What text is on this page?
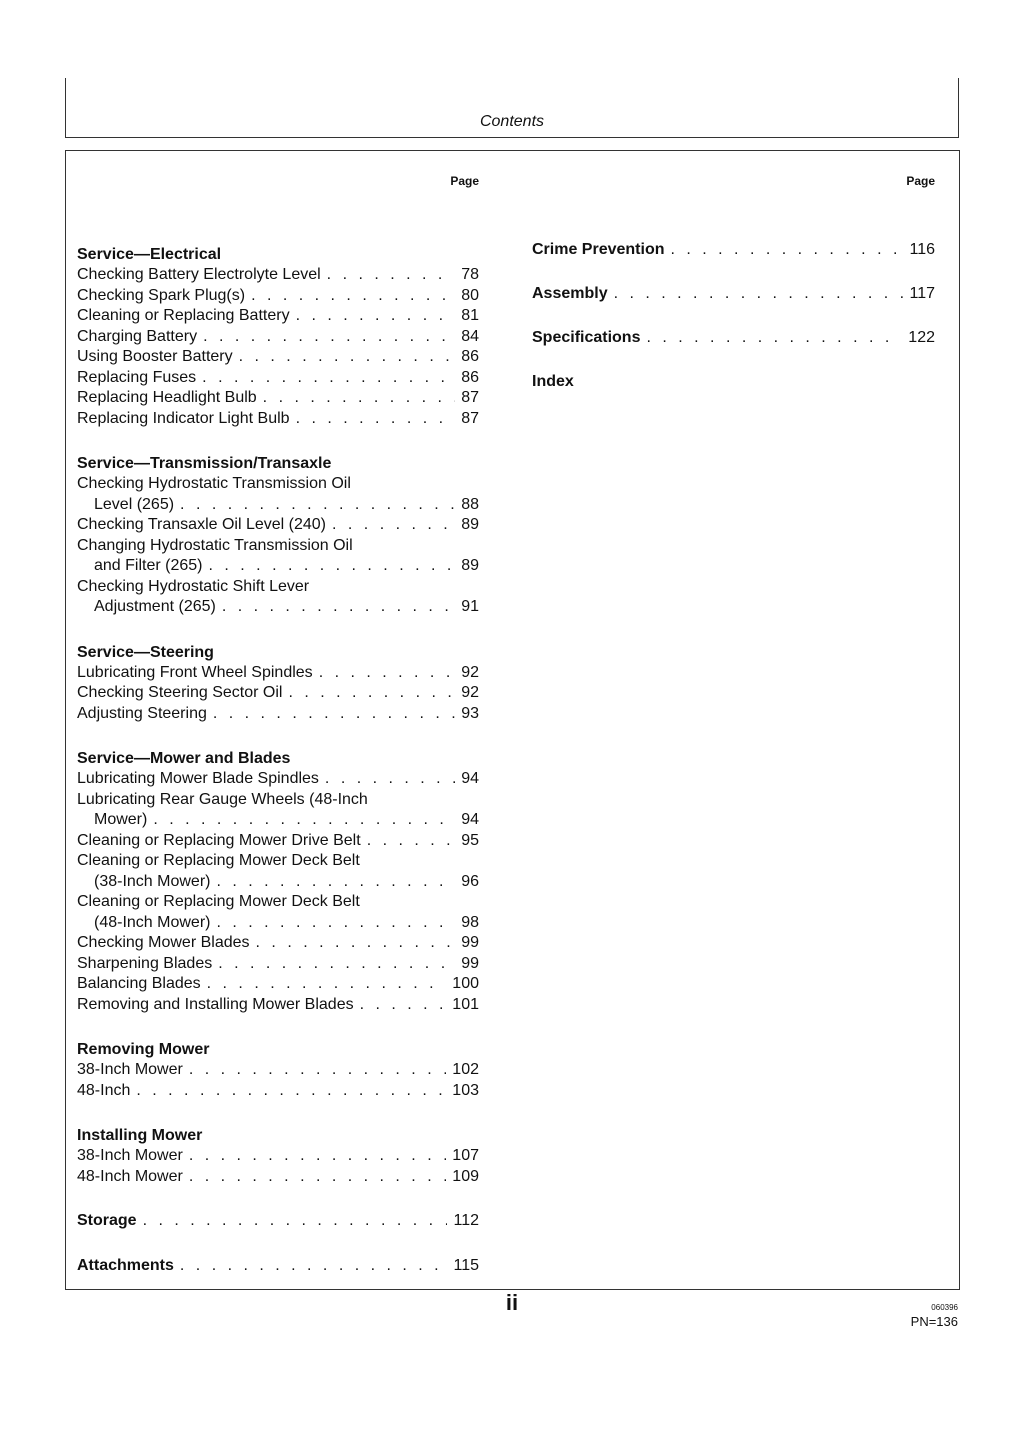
Contents
Page
Service—Electrical
Checking Battery Electrolyte Level . . .	78
Checking Spark Plug(s) . . .	80
Cleaning or Replacing Battery . . .	81
Charging Battery . . .	84
Using Booster Battery . . .	86
Replacing Fuses . . .	86
Replacing Headlight Bulb . . .	87
Replacing Indicator Light Bulb . . .	87
Service—Transmission/Transaxle
Checking Hydrostatic Transmission Oil
Level (265) . . .	88
Checking Transaxle Oil Level (240) . . .	89
Changing Hydrostatic Transmission Oil
and Filter (265) . . .	89
Checking Hydrostatic Shift Lever
Adjustment (265) . . .	91
Service—Steering
Lubricating Front Wheel Spindles . . .	92
Checking Steering Sector Oil . . .	92
Adjusting Steering . . .	93
Service—Mower and Blades
Lubricating Mower Blade Spindles . . .	94
Lubricating Rear Gauge Wheels (48-Inch
Mower) . . .	94
Cleaning or Replacing Mower Drive Belt . . .	95
Cleaning or Replacing Mower Deck Belt
(38-Inch Mower) . . .	96
Cleaning or Replacing Mower Deck Belt
(48-Inch Mower) . . .	98
Checking Mower Blades . . .	99
Sharpening Blades . . .	99
Balancing Blades . . .	100
Removing and Installing Mower Blades . . .	101
Removing Mower
38-Inch Mower . . .	102
48-Inch . . .	103
Installing Mower
38-Inch Mower . . .	107
48-Inch Mower . . .	109
Storage . . .	112
Attachments . . .	115
Page
Crime Prevention . . .	116
Assembly . . .	117
Specifications . . .	122
Index
ii	060396
PN=136
